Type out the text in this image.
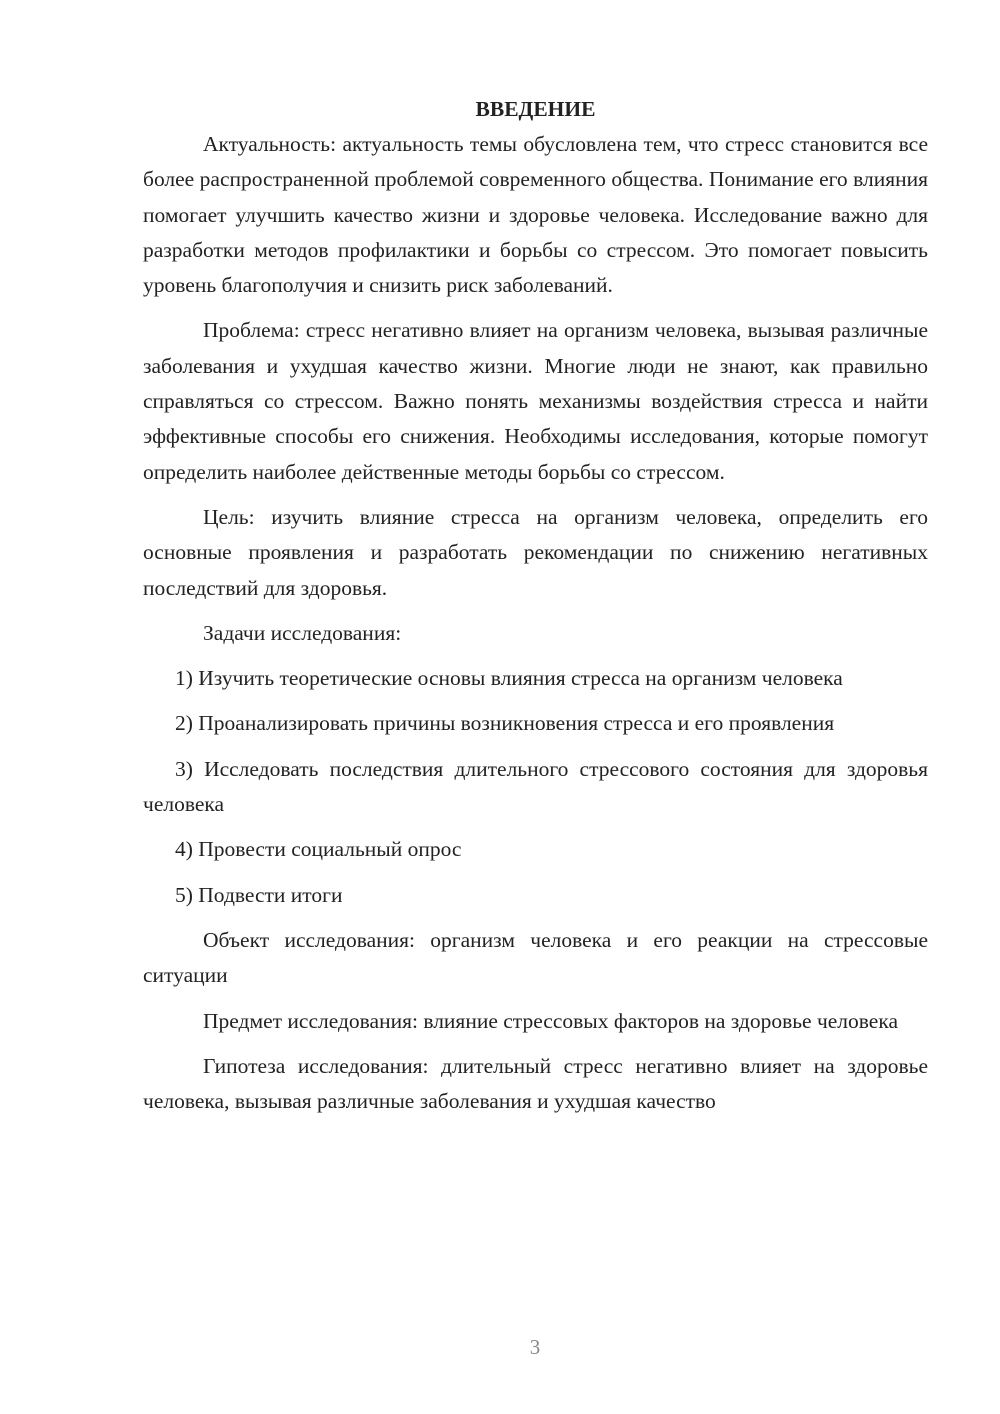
ВВЕДЕНИЕ

Актуальность: актуальность темы обусловлена тем, что стресс становится все более распространенной проблемой современного общества. Понимание его влияния помогает улучшить качество жизни и здоровье человека. Исследование важно для разработки методов профилактики и борьбы со стрессом. Это помогает повысить уровень благополучия и снизить риск заболеваний.

Проблема: стресс негативно влияет на организм человека, вызывая различные заболевания и ухудшая качество жизни. Многие люди не знают, как правильно справляться со стрессом. Важно понять механизмы воздействия стресса и найти эффективные способы его снижения. Необходимы исследования, которые помогут определить наиболее действенные методы борьбы со стрессом.

Цель: изучить влияние стресса на организм человека, определить его основные проявления и разработать рекомендации по снижению негативных последствий для здоровья.

Задачи исследования:

1) Изучить теоретические основы влияния стресса на организм человека

2) Проанализировать причины возникновения стресса и его проявления

3) Исследовать последствия длительного стрессового состояния для здоровья человека

4) Провести социальный опрос

5) Подвести итоги

Объект исследования: организм человека и его реакции на стрессовые ситуации

Предмет исследования: влияние стрессовых факторов на здоровье человека

Гипотеза исследования: длительный стресс негативно влияет на здоровье человека, вызывая различные заболевания и ухудшая качество

3
